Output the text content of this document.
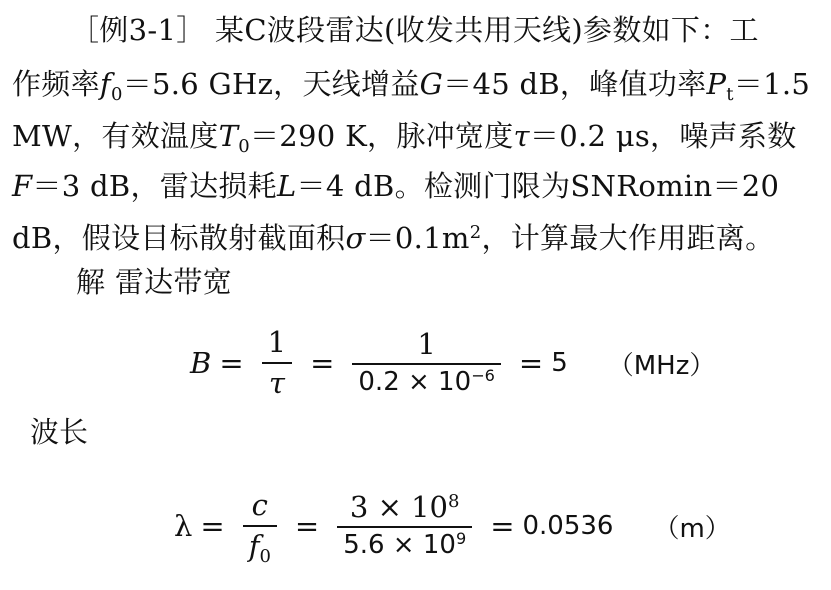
［例3-1］ 某C波段雷达(收发共用天线)参数如下：工
作频率$f_0=5.6$ GHz，天线增益G＝45 dB，峰值功率$P_t=1.5$
MW，有效温度$T_0=290$ K，脉冲宽度τ＝0.2 μs，噪声系数
F＝3 dB，雷达损耗L＝4 dB。检测门限为SNRomin＝20
dB，假设目标散射截面积$\sigma=0.1m^2$，计算最大作用距离。
解 雷达带宽
$B = \frac{1}{\tau} = \frac{1}{0.2 \times 10^{-6}} = 5$ （MHz）
波长
$\lambda = \frac{c}{f_0} = \frac{3 \times 10^8}{5.6 \times 10^9} = 0.0536$ （m）
